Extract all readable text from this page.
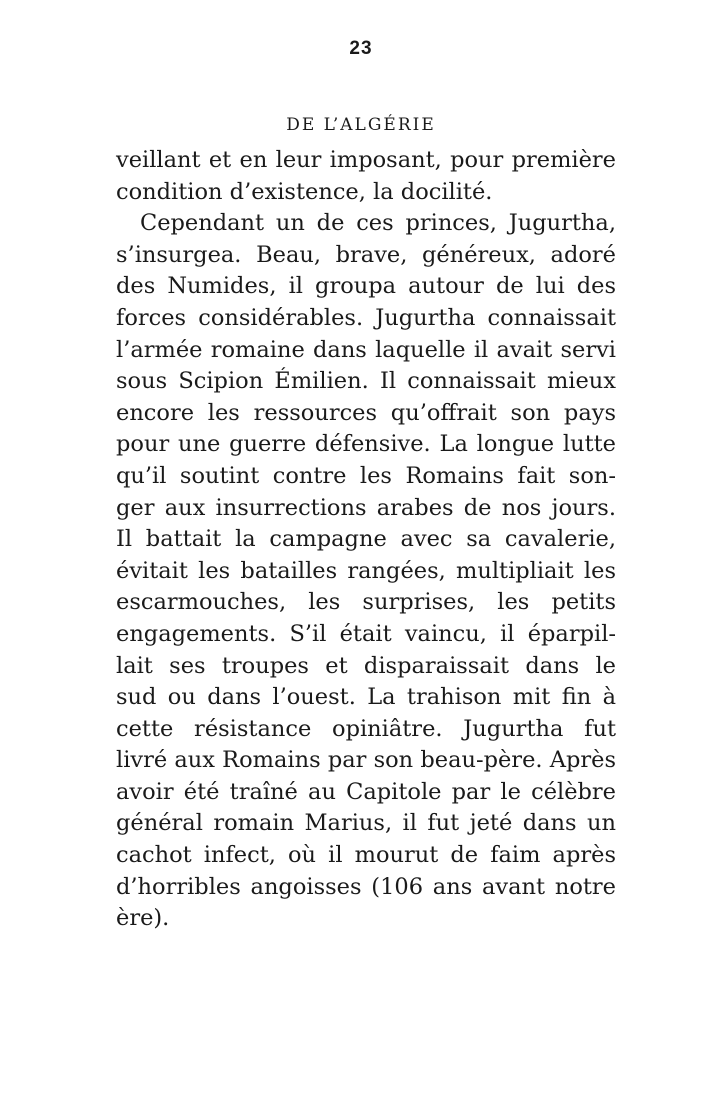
23
DE L’ALGÉRIE
veillant et en leur imposant, pour première
condition d’existence, la docilité.
Cependant un de ces princes, Jugurtha,
s’insurgea. Beau, brave, généreux, adoré
des Numides, il groupa autour de lui des
forces considérables. Jugurtha connaissait
l’armée romaine dans laquelle il avait servi
sous Scipion Émilien. Il connaissait mieux
encore les ressources qu’offrait son pays
pour une guerre défensive. La longue lutte
qu’il soutint contre les Romains fait son-
ger aux insurrections arabes de nos jours.
Il battait la campagne avec sa cavalerie,
évitait les batailles rangées, multipliait les
escarmouches, les surprises, les petits
engagements. S’il était vaincu, il éparpil-
lait ses troupes et disparaissait dans le
sud ou dans l’ouest. La trahison mit fin à
cette résistance opiniâtre. Jugurtha fut
livré aux Romains par son beau-père. Après
avoir été traîné au Capitole par le célèbre
général romain Marius, il fut jeté dans un
cachot infect, où il mourut de faim après
d’horribles angoisses (106 ans avant notre
ère).
